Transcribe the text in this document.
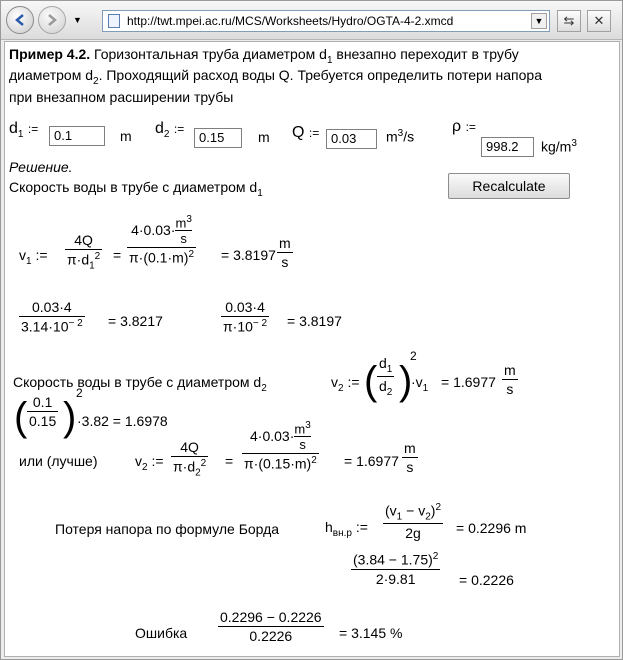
▼	http://twt.mpei.ac.ru/MCS/Worksheets/Hydro/OGTA-4-2.xmcd	▼	⇆	✕
Пример 4.2. Горизонтальная труба диаметром $d_1$ внезапно переходит в трубу
диаметром $d_2$. Проходящий расход воды Q. Требуется определить потери напора
при внезапном расширении трубы
$d_1$ :=	0.1	m $d_2$ :=
0.15	m Q := 0.03	$m^3/s$
ρ :=
998.2	$kg/m^3$
Решение.
Скорость воды в трубе с диаметром $d_1$	Recalculate
$v_1$ :=
4Q
$\pi\cdot d_1^2$ =
$4\cdot 0.03\cdot m^3$
s
$\pi\cdot(0.1\cdot m)^2 = 3.8197$
m
s
0.03·4
$3.14\cdot 10^{- 2} = 3.8217$
0.03·4
$\pi\cdot 10^{- 2} = 3.8197$
Скорость воды в трубе с диаметром $d_2$	$v_2$ := ( $d_1$
$d_2$ )
2
$\cdot v_1 = 1.6977$
m
s
( 0.1
0.15 )
2
·3.82 = 1.6978
или (лучше)	$v_2$ :=
4Q
$\pi\cdot d_2^2$ =
$4\cdot 0.03\cdot m^3$
s
$\pi\cdot(0.15\cdot m)^2 = 1.6977$
m
s
Потеря напора по формуле Борда	$h_{вн.р}$ :=
$(v_1 - v_2)^2$
2g	= 0.2296 m
$(3.84 - 1.75)^2$
2·9.81	= 0.2226
Ошибка
0.2296 − 0.2226
0.2226	= 3.145 %
